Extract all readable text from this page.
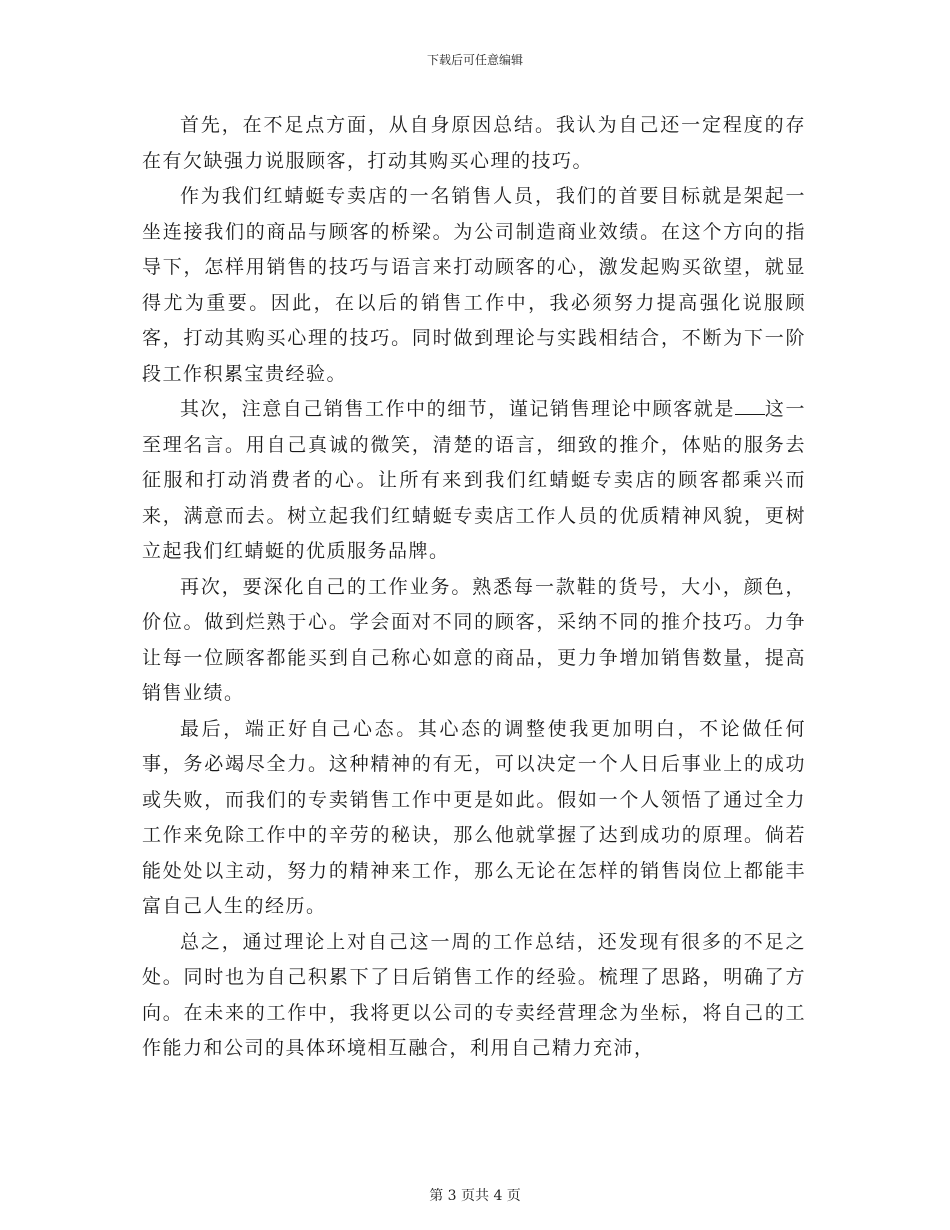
下载后可任意编辑

首先，在不足点方面，从自身原因总结。我认为自己还一定程度的存在有欠缺强力说服顾客，打动其购买心理的技巧。

作为我们红蜻蜓专卖店的一名销售人员，我们的首要目标就是架起一坐连接我们的商品与顾客的桥梁。为公司制造商业效绩。在这个方向的指导下，怎样用销售的技巧与语言来打动顾客的心，激发起购买欲望，就显得尤为重要。因此，在以后的销售工作中，我必须努力提高强化说服顾客，打动其购买心理的技巧。同时做到理论与实践相结合，不断为下一阶段工作积累宝贵经验。

其次，注意自己销售工作中的细节，谨记销售理论中顾客就是 这一至理名言。用自己真诚的微笑，清楚的语言，细致的推介，体贴的服务去征服和打动消费者的心。让所有来到我们红蜻蜓专卖店的顾客都乘兴而来，满意而去。树立起我们红蜻蜓专卖店工作人员的优质精神风貌，更树立起我们红蜻蜓的优质服务品牌。

再次，要深化自己的工作业务。熟悉每一款鞋的货号，大小，颜色，价位。做到烂熟于心。学会面对不同的顾客，采纳不同的推介技巧。力争让每一位顾客都能买到自己称心如意的商品，更力争增加销售数量，提高销售业绩。

最后，端正好自己心态。其心态的调整使我更加明白，不论做任何事，务必竭尽全力。这种精神的有无，可以决定一个人日后事业上的成功或失败，而我们的专卖销售工作中更是如此。假如一个人领悟了通过全力工作来免除工作中的辛劳的秘诀，那么他就掌握了达到成功的原理。倘若能处处以主动，努力的精神来工作，那么无论在怎样的销售岗位上都能丰富自己人生的经历。

总之，通过理论上对自己这一周的工作总结，还发现有很多的不足之处。同时也为自己积累下了日后销售工作的经验。梳理了思路，明确了方向。在未来的工作中，我将更以公司的专卖经营理念为坐标，将自己的工作能力和公司的具体环境相互融合，利用自己精力充沛，

第 3 页共 4 页
